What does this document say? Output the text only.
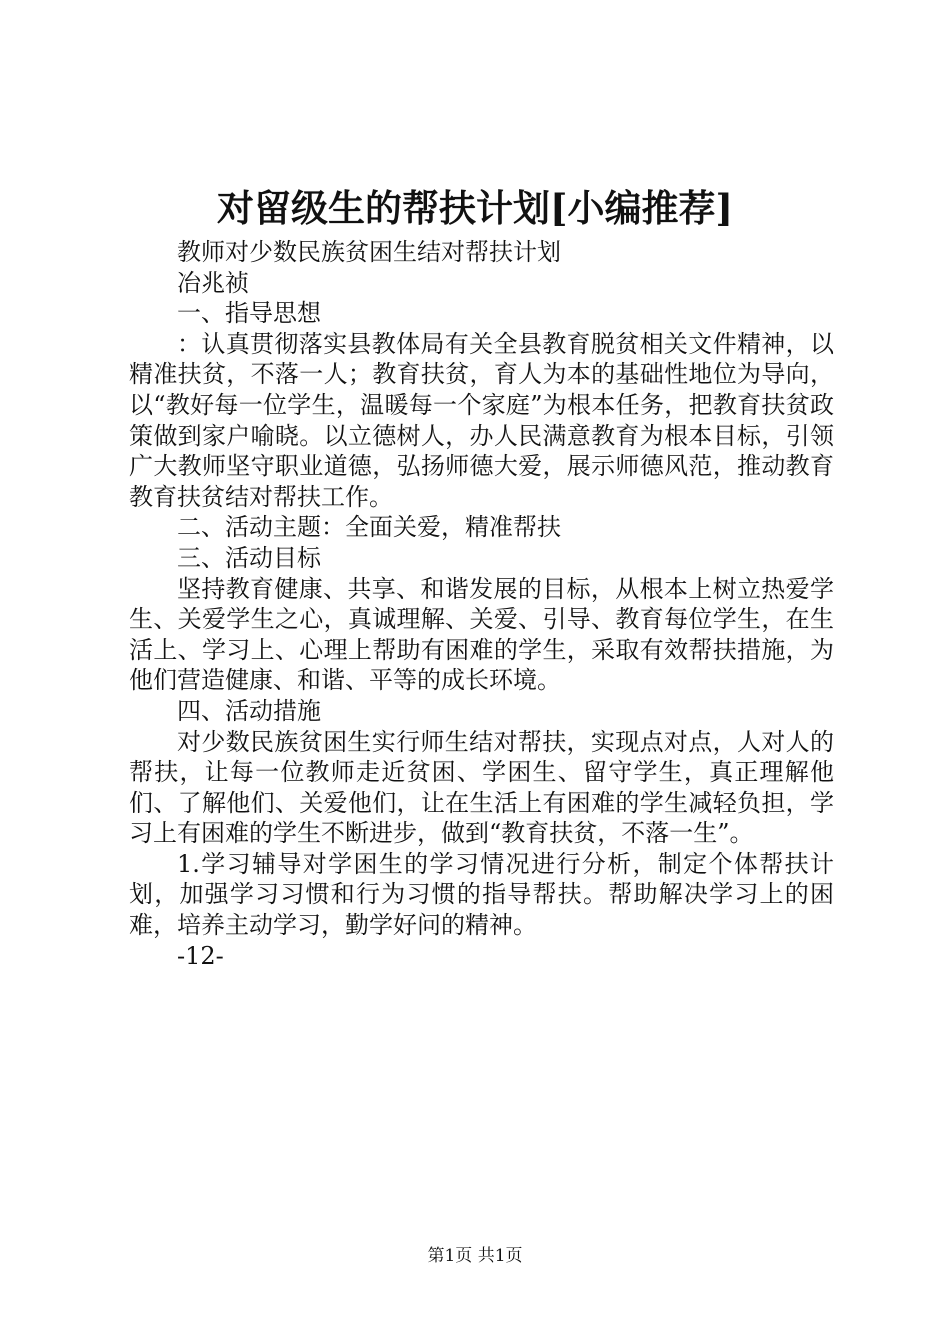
对留级生的帮扶计划[小编推荐]

教师对少数民族贫困生结对帮扶计划

冶兆祯

一、指导思想

：认真贯彻落实县教体局有关全县教育脱贫相关文件精神，以精准扶贫，不落一人；教育扶贫，育人为本的基础性地位为导向，以“教好每一位学生，温暖每一个家庭”为根本任务，把教育扶贫政策做到家户喻晓。以立德树人，办人民满意教育为根本目标，引领广大教师坚守职业道德，弘扬师德大爱，展示师德风范，推动教育教育扶贫结对帮扶工作。

二、活动主题：全面关爱，精准帮扶

三、活动目标

坚持教育健康、共享、和谐发展的目标，从根本上树立热爱学生、关爱学生之心，真诚理解、关爱、引导、教育每位学生，在生活上、学习上、心理上帮助有困难的学生，采取有效帮扶措施，为他们营造健康、和谐、平等的成长环境。

四、活动措施

对少数民族贫困生实行师生结对帮扶，实现点对点，人对人的帮扶，让每一位教师走近贫困、学困生、留守学生，真正理解他们、了解他们、关爱他们，让在生活上有困难的学生减轻负担，学习上有困难的学生不断进步，做到“教育扶贫，不落一生”。

1.学习辅导对学困生的学习情况进行分析，制定个体帮扶计划，加强学习习惯和行为习惯的指导帮扶。帮助解决学习上的困难，培养主动学习，勤学好问的精神。

-12-

第1页 共1页
